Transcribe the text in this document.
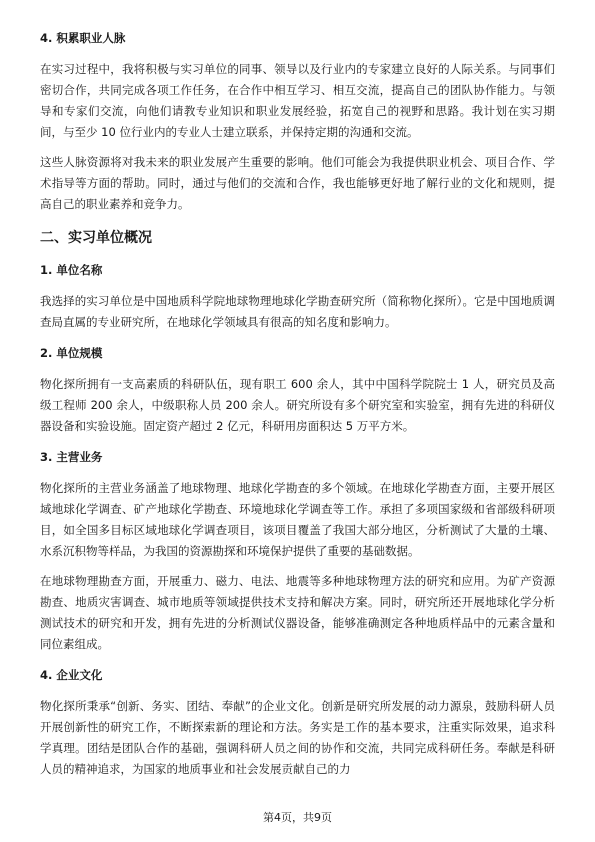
4. 积累职业人脉

在实习过程中，我将积极与实习单位的同事、领导以及行业内的专家建立良好的人际关系。与同事们密切合作，共同完成各项工作任务，在合作中相互学习、相互交流，提高自己的团队协作能力。与领导和专家们交流，向他们请教专业知识和职业发展经验，拓宽自己的视野和思路。我计划在实习期间，与至少 10 位行业内的专业人士建立联系，并保持定期的沟通和交流。

这些人脉资源将对我未来的职业发展产生重要的影响。他们可能会为我提供职业机会、项目合作、学术指导等方面的帮助。同时，通过与他们的交流和合作，我也能够更好地了解行业的文化和规则，提高自己的职业素养和竞争力。

二、实习单位概况
1. 单位名称

我选择的实习单位是中国地质科学院地球物理地球化学勘查研究所（简称物化探所）。它是中国地质调查局直属的专业研究所，在地球化学领域具有很高的知名度和影响力。

2. 单位规模

物化探所拥有一支高素质的科研队伍，现有职工 600 余人，其中中国科学院院士 1 人，研究员及高级工程师 200 余人，中级职称人员 200 余人。研究所设有多个研究室和实验室，拥有先进的科研仪器设备和实验设施。固定资产超过 2 亿元，科研用房面积达 5 万平方米。

3. 主营业务

物化探所的主营业务涵盖了地球物理、地球化学勘查的多个领域。在地球化学勘查方面，主要开展区域地球化学调查、矿产地球化学勘查、环境地球化学调查等工作。承担了多项国家级和省部级科研项目，如全国多目标区域地球化学调查项目，该项目覆盖了我国大部分地区，分析测试了大量的土壤、水系沉积物等样品，为我国的资源勘探和环境保护提供了重要的基础数据。

在地球物理勘查方面，开展重力、磁力、电法、地震等多种地球物理方法的研究和应用。为矿产资源勘查、地质灾害调查、城市地质等领域提供技术支持和解决方案。同时，研究所还开展地球化学分析测试技术的研究和开发，拥有先进的分析测试仪器设备，能够准确测定各种地质样品中的元素含量和同位素组成。

4. 企业文化

物化探所秉承“创新、务实、团结、奉献”的企业文化。创新是研究所发展的动力源泉，鼓励科研人员开展创新性的研究工作，不断探索新的理论和方法。务实是工作的基本要求，注重实际效果，追求科学真理。团结是团队合作的基础，强调科研人员之间的协作和交流，共同完成科研任务。奉献是科研人员的精神追求，为国家的地质事业和社会发展贡献自己的力

第4页，共9页
